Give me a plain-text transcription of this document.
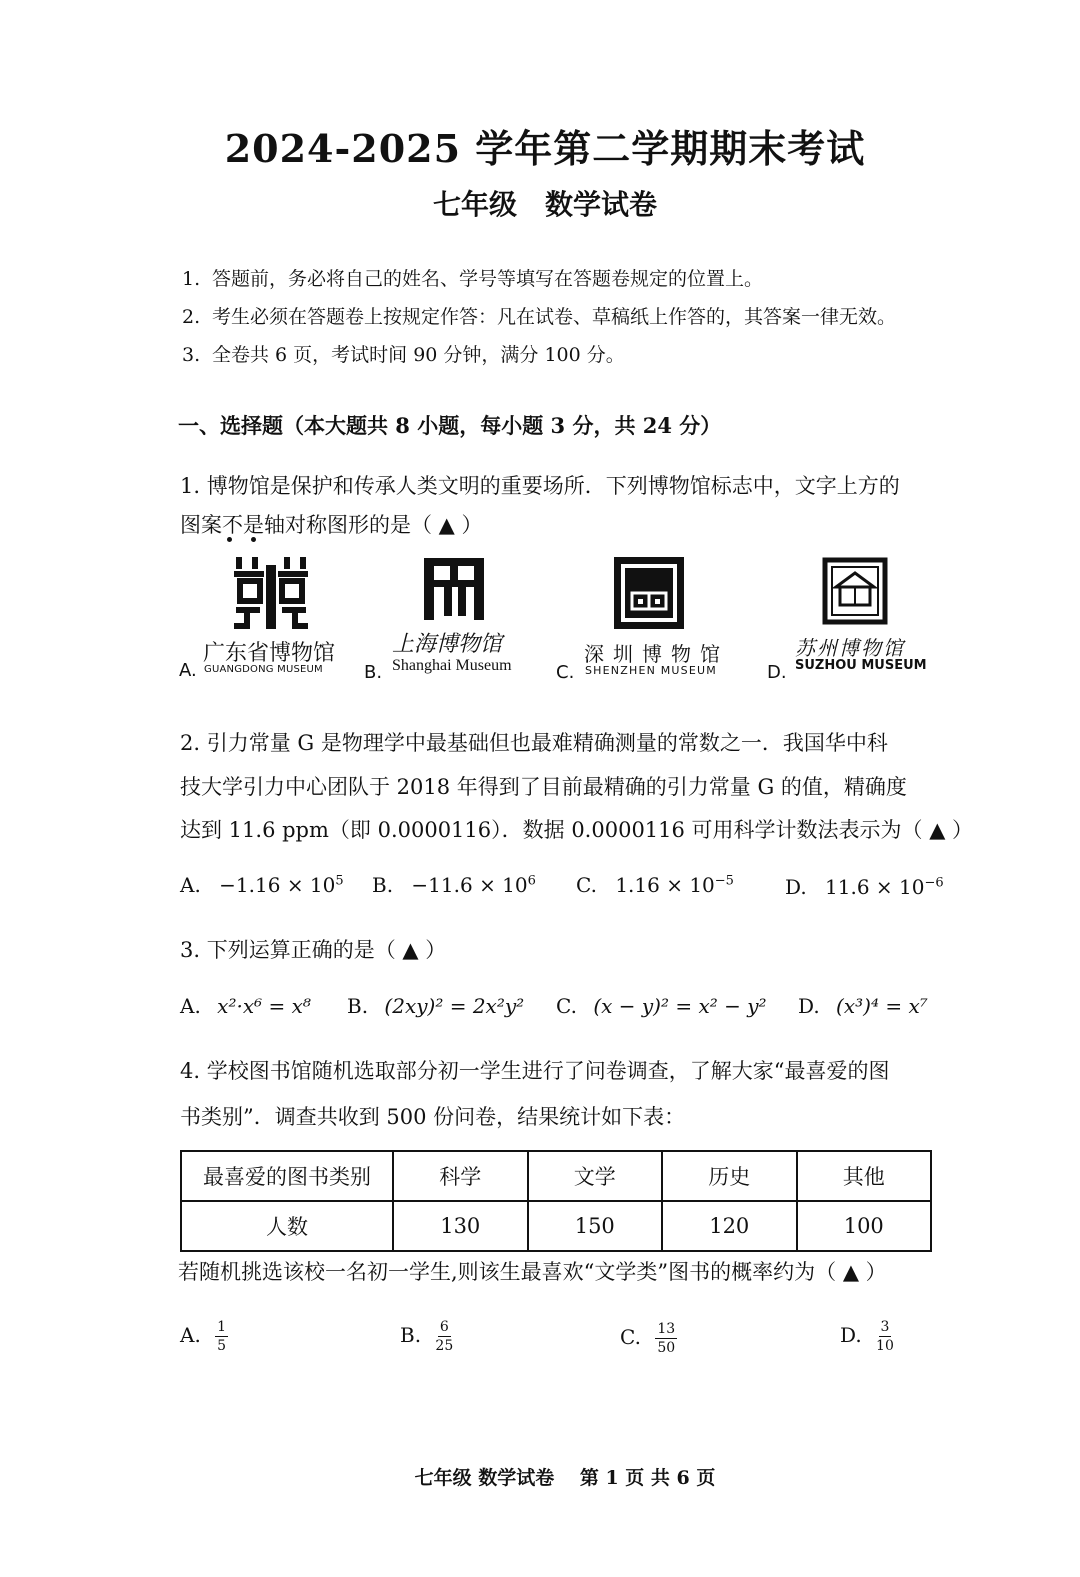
2024-2025 学年第二学期期末考试
七年级　数学试卷
1. 答题前，务必将自己的姓名、学号等填写在答题卷规定的位置上。
2. 考生必须在答题卷上按规定作答：凡在试卷、草稿纸上作答的，其答案一律无效。
3. 全卷共 6 页，考试时间 90 分钟，满分 100 分。
一、选择题（本大题共 8 小题，每小题 3 分，共 24 分）
1. 博物馆是保护和传承人类文明的重要场所．下列博物馆标志中，文字上方的
图案不是轴对称图形的是（ ▲ ）
A.
广东省博物馆
GUANGDONG MUSEUM B.
上海博物馆
Shanghai Museum C.
深圳博物馆
SHENZHEN MUSEUM	D.
苏州博物馆
SUZHOU MUSEUM
2. 引力常量 G 是物理学中最基础但也最难精确测量的常数之一．我国华中科
技大学引力中心团队于 2018 年得到了目前最精确的引力常量 G 的值，精确度
达到 11.6 ppm（即 0.0000116）．数据 0.0000116 可用科学计数法表示为（ ▲ ）
A. $-1.16 \times 10^5$ B. $-11.6 \times 10^6$ C. $1.16 \times 10^{-5}$	D. $11.6 \times 10^{-6}$
3. 下列运算正确的是（ ▲ ）
A. x²·x⁶ = x⁸ B. (2xy)² = 2x²y² C. (x − y)² = x² − y² D. (x³)⁴ = x⁷
4. 学校图书馆随机选取部分初一学生进行了问卷调查，了解大家“最喜爱的图
书类别”．调查共收到 500 份问卷，结果统计如下表：
最喜爱的图书类别	科学	文学	历史	其他
人数	130	150	120	100
若随机挑选该校一名初一学生,则该生最喜欢“文学类”图书的概率约为（ ▲ ）
A. $\frac{1}{5}$	B. $\frac{6}{25}$	C. $\frac{13}{50}$	D. $\frac{3}{10}$
七年级 数学试卷　 第 1 页 共 6 页
